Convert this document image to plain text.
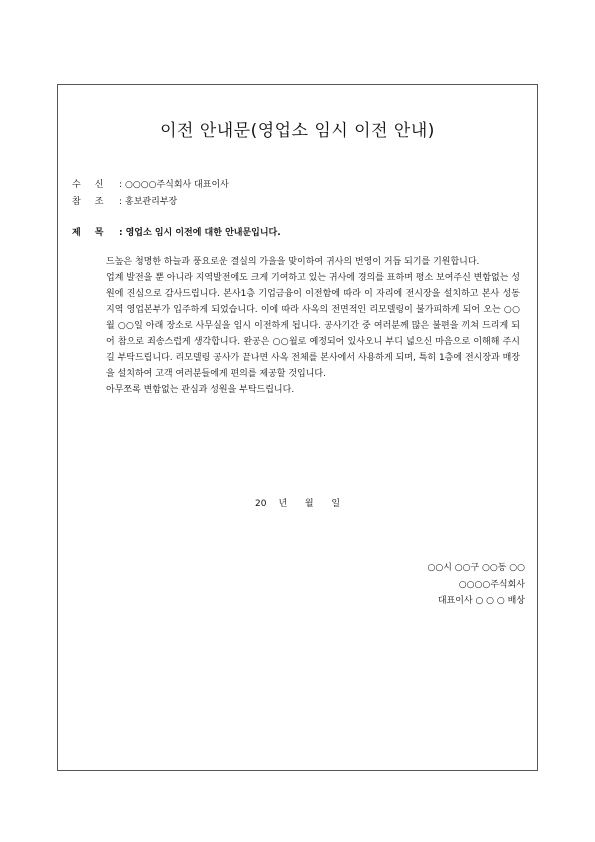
이전 안내문(영업소 임시 이전 안내)
수 신 : ○○○○주식회사 대표이사
참 조 : 홍보관리부장
제 목 : 영업소 임시 이전에 대한 안내문입니다.

드높은 청명한 하늘과 풍요로운 결실의 가을을 맞이하여 귀사의 번영이 거듭 되기를 기원합니다.

업계 발전을 뿐 아니라 지역발전에도 크게 기여하고 있는 귀사에 경의를 표하며 평소 보여주신 변함없는 성원에 진심으로 감사드립니다. 본사1층 기업금융이 이전함에 따라 이 자리에 전시장을 설치하고 본사 성동지역 영업본부가 입주하게 되었습니다. 이에 따라 사옥의 전면적인 리모델링이 불가피하게 되어 오는 ○○월 ○○일 아래 장소로 사무실을 임시 이전하게 됩니다. 공사기간 중 여러분께 많은 불편을 끼쳐 드리게 되어 참으로 죄송스럽게 생각합니다. 완공은 ○○월로 예정되어 있사오니 부디 넓으신 마음으로 이해해 주시길 부탁드립니다. 리모델링 공사가 끝나면 사옥 전체를 본사에서 사용하게 되며, 특히 1층에 전시장과 매장을 설치하여 고객 여러분들에게 편의를 제공할 것입니다.

아무쪼록 변함없는 관심과 성원을 부탁드립니다.

20 년 월 일
○○시 ○○구 ○○동 ○○
○○○○주식회사
대표이사 ○ ○ ○ 배상
